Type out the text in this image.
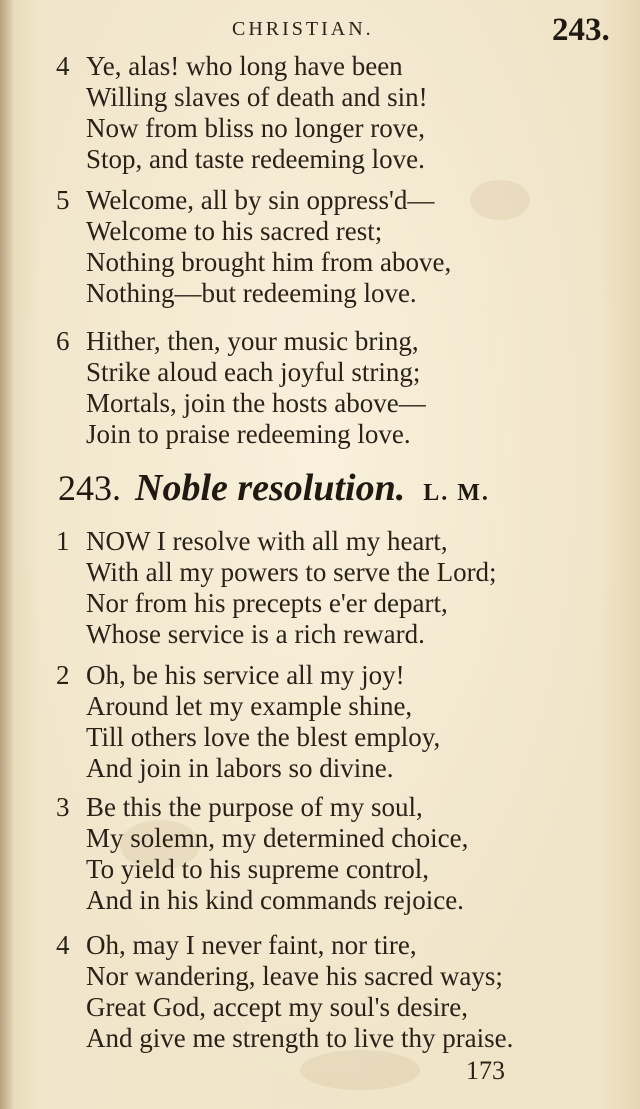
CHRISTIAN.	243.
4 Ye, alas! who long have been
Willing slaves of death and sin!
Now from bliss no longer rove,
Stop, and taste redeeming love.
5 Welcome, all by sin oppress'd—
Welcome to his sacred rest;
Nothing brought him from above,
Nothing—but redeeming love.
6 Hither, then, your music bring,
Strike aloud each joyful string;
Mortals, join the hosts above—
Join to praise redeeming love.
243. Noble resolution. L. M.
1 NOW I resolve with all my heart,
With all my powers to serve the Lord;
Nor from his precepts e'er depart,
Whose service is a rich reward.
2 Oh, be his service all my joy!
Around let my example shine,
Till others love the blest employ,
And join in labors so divine.
3 Be this the purpose of my soul,
My solemn, my determined choice,
To yield to his supreme control,
And in his kind commands rejoice.
4 Oh, may I never faint, nor tire,
Nor wandering, leave his sacred ways;
Great God, accept my soul's desire,
And give me strength to live thy praise.
173
